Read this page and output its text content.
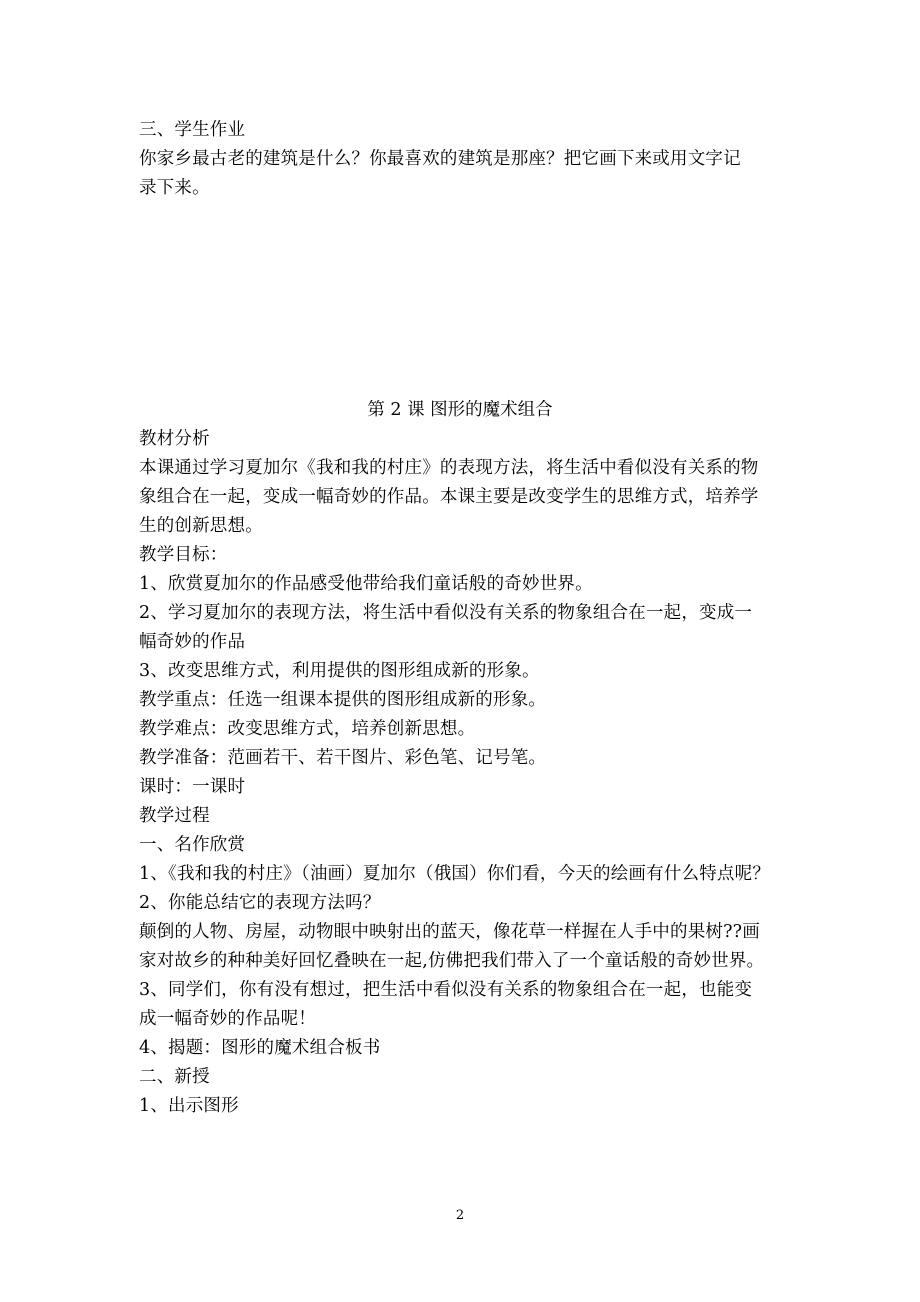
三、学生作业

你家乡最古老的建筑是什么？你最喜欢的建筑是那座？把它画下来或用文字记

录下来。

第 2 课 图形的魔术组合

教材分析

本课通过学习夏加尔《我和我的村庄》的表现方法，将生活中看似没有关系的物

象组合在一起，变成一幅奇妙的作品。本课主要是改变学生的思维方式，培养学

生的创新思想。

教学目标：

1、欣赏夏加尔的作品感受他带给我们童话般的奇妙世界。

2、学习夏加尔的表现方法，将生活中看似没有关系的物象组合在一起，变成一

幅奇妙的作品

3、改变思维方式，利用提供的图形组成新的形象。

教学重点：任选一组课本提供的图形组成新的形象。

教学难点：改变思维方式，培养创新思想。

教学准备：范画若干、若干图片、彩色笔、记号笔。

课时：一课时

教学过程

一、名作欣赏

1、《我和我的村庄》（油画）夏加尔（俄国）你们看，今天的绘画有什么特点呢？

2、你能总结它的表现方法吗？

颠倒的人物、房屋，动物眼中映射出的蓝天，像花草一样握在人手中的果树??画

家对故乡的种种美好回忆叠映在一起,仿佛把我们带入了一个童话般的奇妙世界。

3、同学们，你有没有想过，把生活中看似没有关系的物象组合在一起，也能变

成一幅奇妙的作品呢！

4、揭题：图形的魔术组合板书

二、新授

1、出示图形

2
